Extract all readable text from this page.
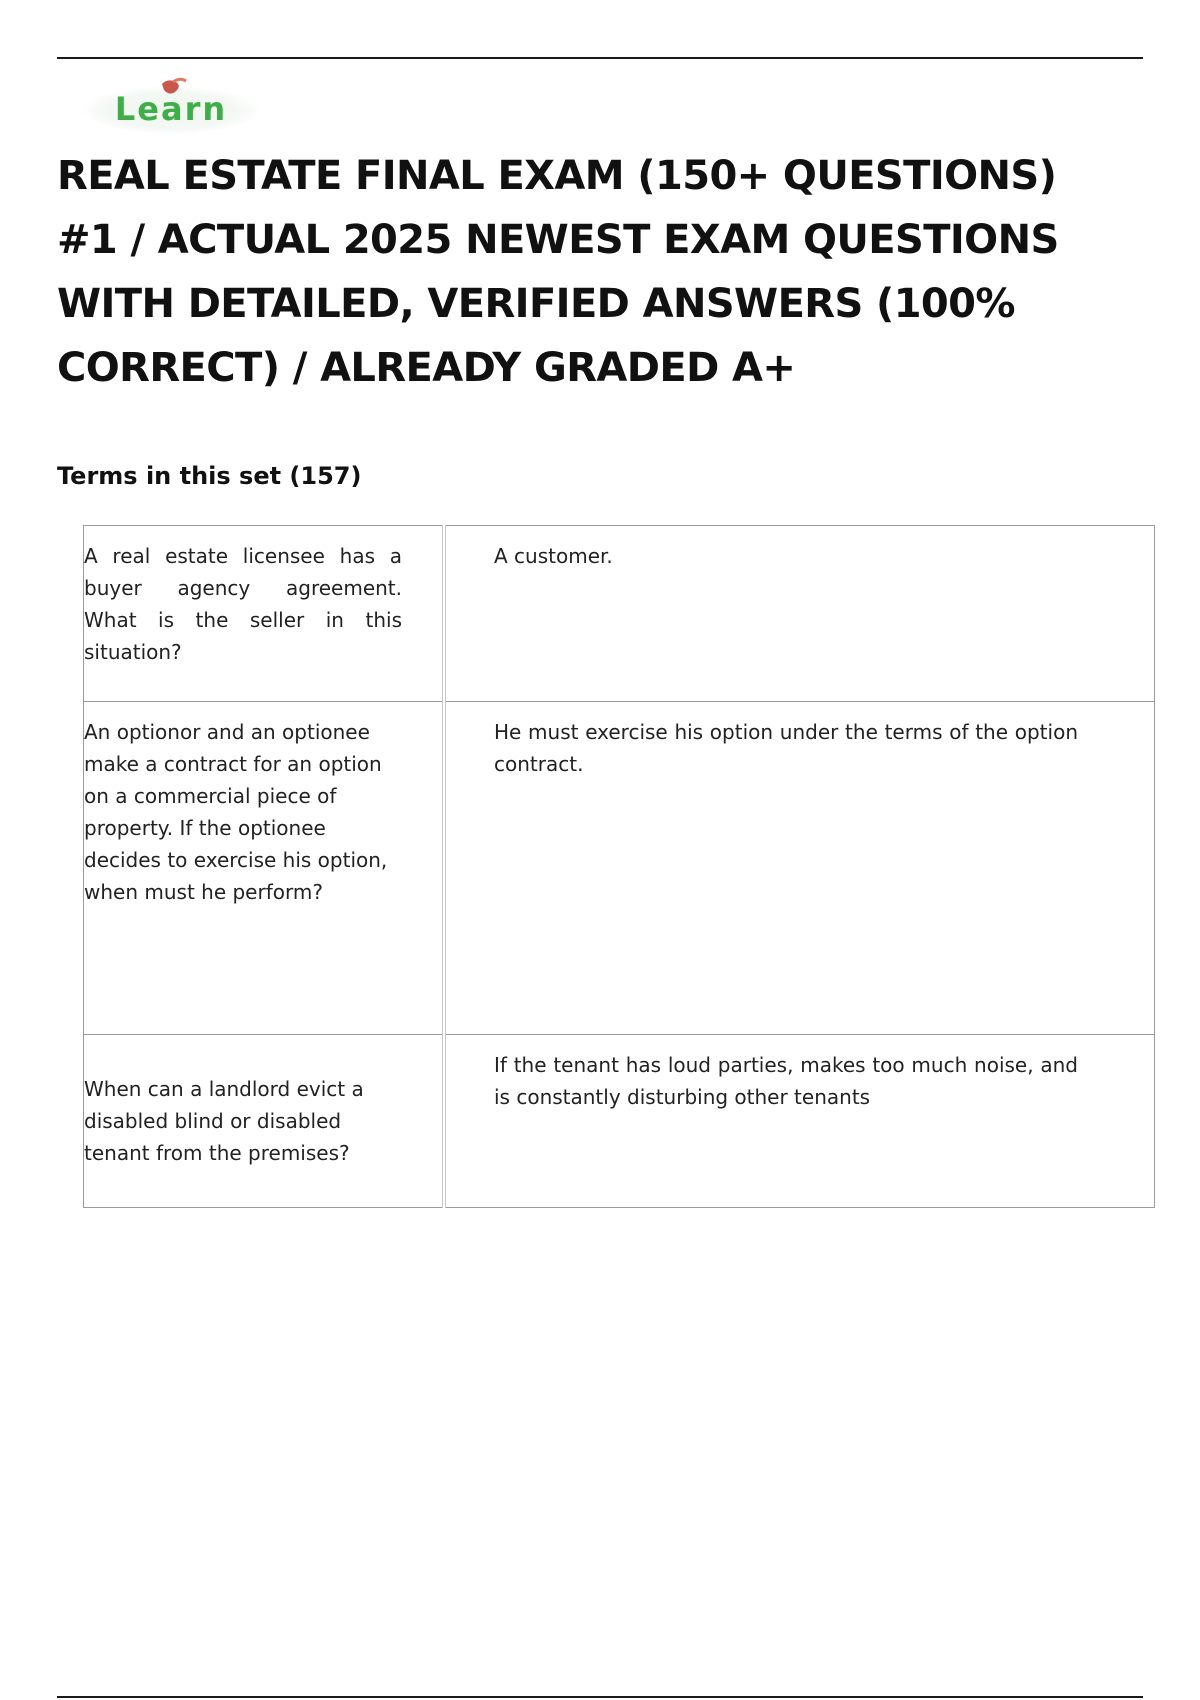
Learn
REAL ESTATE FINAL EXAM (150+ QUESTIONS) #1 / ACTUAL 2025 NEWEST EXAM QUESTIONS WITH DETAILED, VERIFIED ANSWERS (100% CORRECT) / ALREADY GRADED A+
Terms in this set (157)
A real estate licensee has a buyer agency agreement. What is the seller in this situation?	A customer.
An optionor and an optionee make a contract for an option on a commercial piece of property. If the optionee decides to exercise his option, when must he perform?	He must exercise his option under the terms of the option contract.
When can a landlord evict a disabled blind or disabled tenant from the premises?	If the tenant has loud parties, makes too much noise, and is constantly disturbing other tenants
